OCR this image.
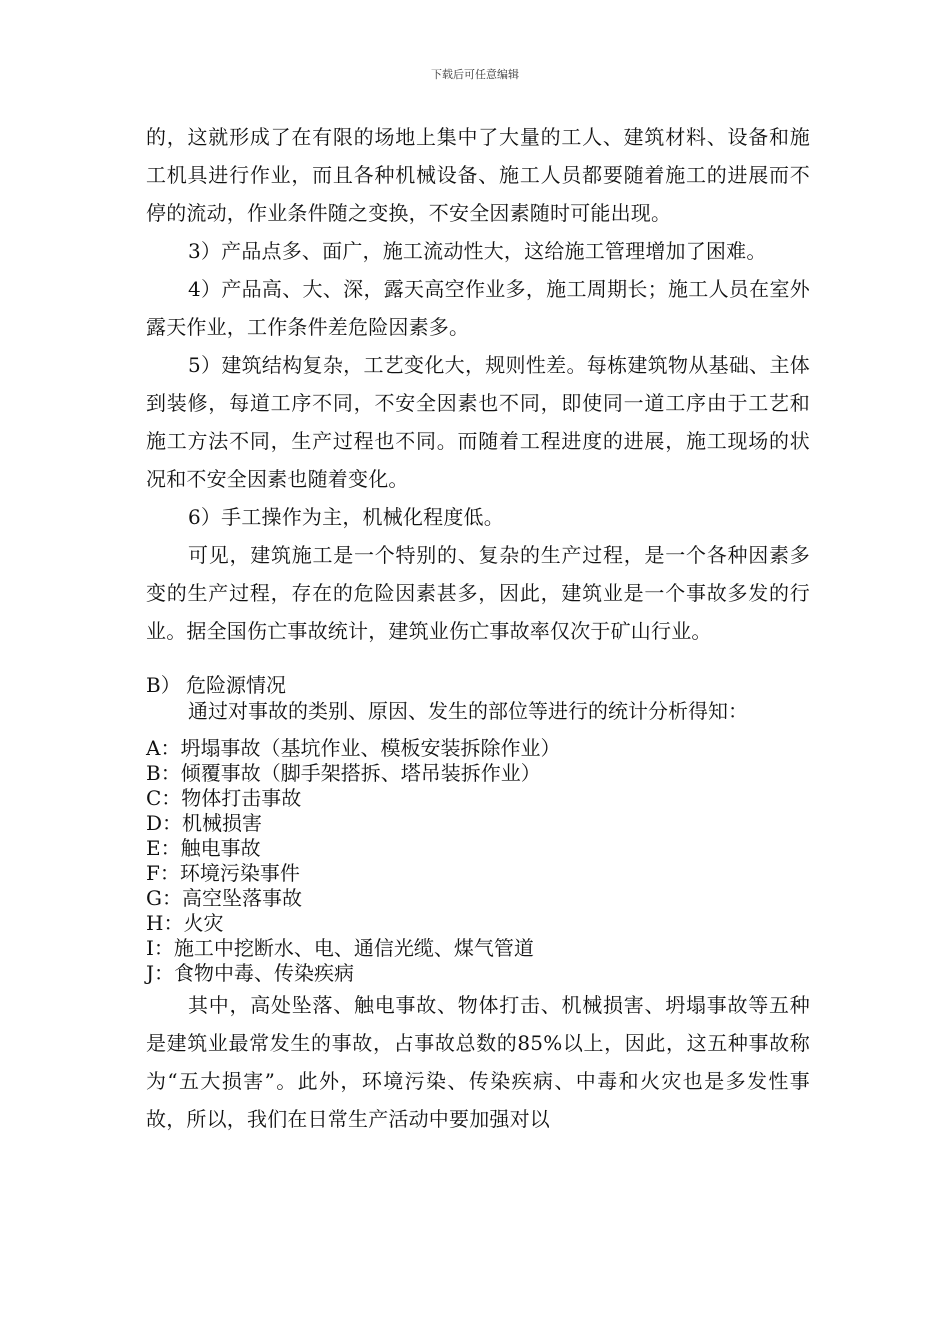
下载后可任意编辑

的，这就形成了在有限的场地上集中了大量的工人、建筑材料、设备和施工机具进行作业，而且各种机械设备、施工人员都要随着施工的进展而不停的流动，作业条件随之变换，不安全因素随时可能出现。

3）产品点多、面广，施工流动性大，这给施工管理增加了困难。

4）产品高、大、深，露天高空作业多，施工周期长；施工人员在室外露天作业，工作条件差危险因素多。

5）建筑结构复杂，工艺变化大，规则性差。每栋建筑物从基础、主体到装修，每道工序不同，不安全因素也不同，即使同一道工序由于工艺和施工方法不同，生产过程也不同。而随着工程进度的进展，施工现场的状况和不安全因素也随着变化。

6）手工操作为主，机械化程度低。

可见，建筑施工是一个特别的、复杂的生产过程，是一个各种因素多变的生产过程，存在的危险因素甚多，因此，建筑业是一个事故多发的行业。据全国伤亡事故统计，建筑业伤亡事故率仅次于矿山行业。

B） 危险源情况

通过对事故的类别、原因、发生的部位等进行的统计分析得知：

A：坍塌事故（基坑作业、模板安装拆除作业）
B：倾覆事故（脚手架搭拆、塔吊装拆作业）
C：物体打击事故
D：机械损害
E：触电事故
F：环境污染事件
G：高空坠落事故
H：火灾
I：施工中挖断水、电、通信光缆、煤气管道
J：食物中毒、传染疾病

其中，高处坠落、触电事故、物体打击、机械损害、坍塌事故等五种是建筑业最常发生的事故，占事故总数的85%以上，因此，这五种事故称为“五大损害”。此外，环境污染、传染疾病、中毒和火灾也是多发性事故，所以，我们在日常生产活动中要加强对以
